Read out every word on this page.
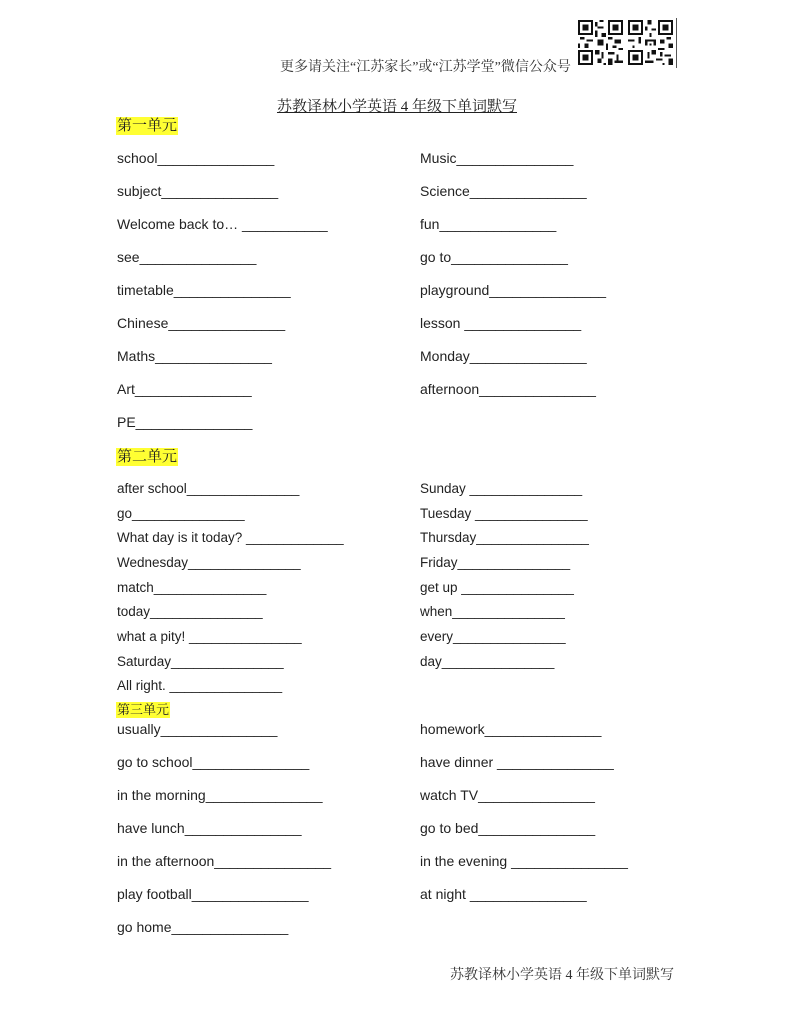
更多请关注“江苏家长”或“江苏学堂”微信公众号
苏教译林小学英语 4 年级下单词默写
第一单元
school_______________
subject_______________
Welcome back to… ___________
see_______________
timetable_______________
Chinese_______________
Maths_______________
Art_______________
PE_______________
Music_______________
Science_______________
fun_______________
go to_______________
playground_______________
lesson _______________
Monday_______________
afternoon_______________
第二单元
after school_______________
go_______________
What day is it today? _____________
Wednesday_______________
match_______________
today_______________
what a pity! _______________
Saturday_______________
All right. _______________
Sunday _______________
Tuesday _______________
Thursday_______________
Friday_______________
get up _______________
when_______________
every_______________
day_______________
第三单元
usually_______________
go to school_______________
in the morning_______________
have lunch_______________
in the afternoon_______________
play football_______________
go home_______________
homework_______________
have dinner _______________
watch TV_______________
go to bed_______________
in the evening _______________
at night _______________
苏教译林小学英语 4 年级下单词默写
